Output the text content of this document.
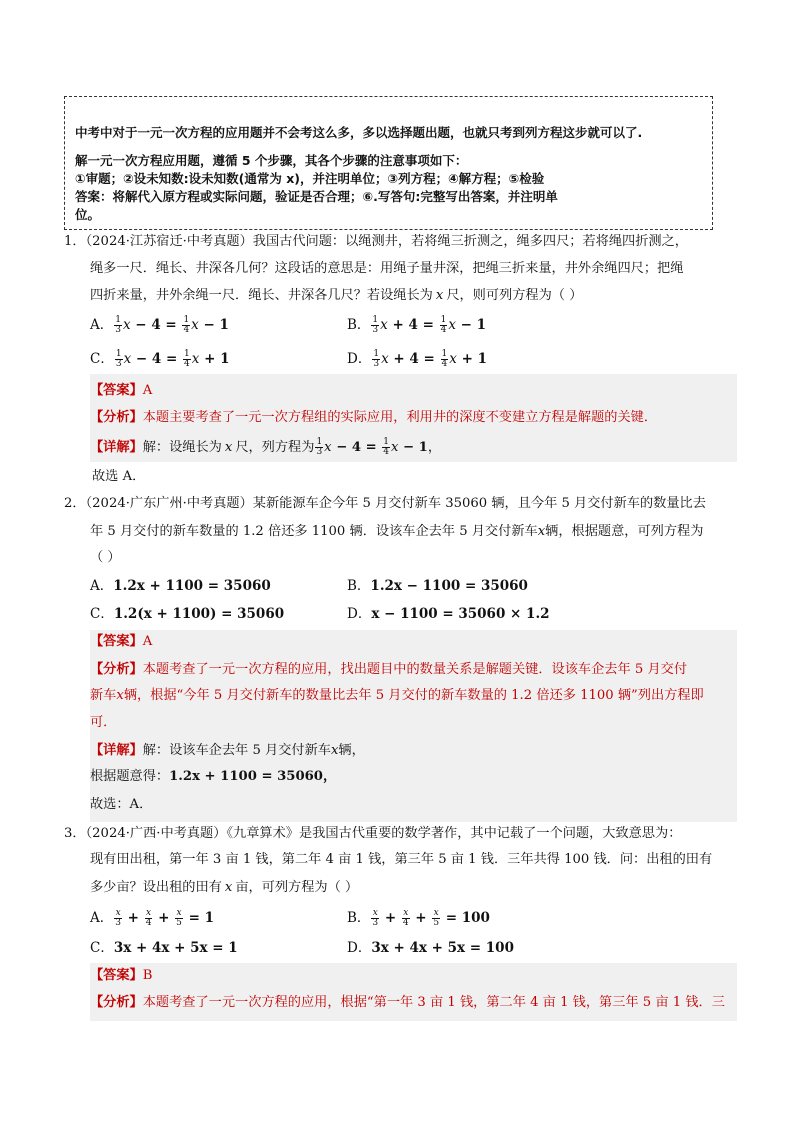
中考中对于一元一次方程的应用题并不会考这么多，多以选择题出题，也就只考到列方程这步就可以了.
解一元一次方程应用题，遵循 5 个步骤，其各个步骤的注意事项如下：
①审题；②设未知数:设未知数(通常为 x)，并注明单位；③列方程；④解方程；⑤检验
答案：将解代入原方程或实际问题，验证是否合理；⑥.写答句:完整写出答案，并注明单
位。
1．（2024·江苏宿迁·中考真题）我国古代问题：以绳测井，若将绳三折测之，绳多四尺；若将绳四折测之，
绳多一尺．绳长、井深各几何？这段话的意思是：用绳子量井深，把绳三折来量，井外余绳四尺；把绳
四折来量，井外余绳一尺．绳长、井深各几尺？若设绳长为 x 尺，则可列方程为（ ）
A． $\frac{1}{3}$ $x - 4 = \frac{1}{4}$ x − 1	B． $\frac{1}{3}$ $x + 4 = \frac{1}{4}$ x − 1
C． $\frac{1}{3}$ $x - 4 = \frac{1}{4}$ x + 1	D． $\frac{1}{3}$ $x + 4 = \frac{1}{4}$ x + 1
【答案】A
【分析】本题主要考查了一元一次方程组的实际应用，利用井的深度不变建立方程是解题的关键．
【详解】解：设绳长为 x 尺，列方程为 $\frac{1}{3}$ $x - 4 = \frac{1}{4}$ x − 1，
故选 A．
2．（2024·广东广州·中考真题）某新能源车企今年 5 月交付新车 35060 辆，且今年 5 月交付新车的数量比去
年 5 月交付的新车数量的 1.2 倍还多 1100 辆．设该车企去年 5 月交付新车x辆，根据题意，可列方程为
（ ）
A．1.2x + 1100 = 35060	B．1.2x − 1100 = 35060
C．1.2(x + 1100) = 35060	D．x − 1100 = 35060 × 1.2
【答案】A
【分析】本题考查了一元一次方程的应用，找出题目中的数量关系是解题关键．设该车企去年 5 月交付
新车x辆，根据“今年 5 月交付新车的数量比去年 5 月交付的新车数量的 1.2 倍还多 1100 辆”列出方程即
可．
【详解】解：设该车企去年 5 月交付新车x辆，
根据题意得：1.2x + 1100 = 35060，
故选：A．
3．（2024·广西·中考真题）《九章算术》是我国古代重要的数学著作，其中记载了一个问题，大致意思为：
现有田出租，第一年 3 亩 1 钱，第二年 4 亩 1 钱，第三年 5 亩 1 钱．三年共得 100 钱．问：出租的田有
多少亩？设出租的田有 x 亩，可列方程为（ ）
A． $\frac{x}{3} + \frac{x}{4} + \frac{x}{5} = 1$	B． $\frac{x}{3} + \frac{x}{4} + \frac{x}{5} = 100$
C．3x + 4x + 5x = 1	D．3x + 4x + 5x = 100
【答案】B
【分析】本题考查了一元一次方程的应用，根据“第一年 3 亩 1 钱，第二年 4 亩 1 钱，第三年 5 亩 1 钱．三
